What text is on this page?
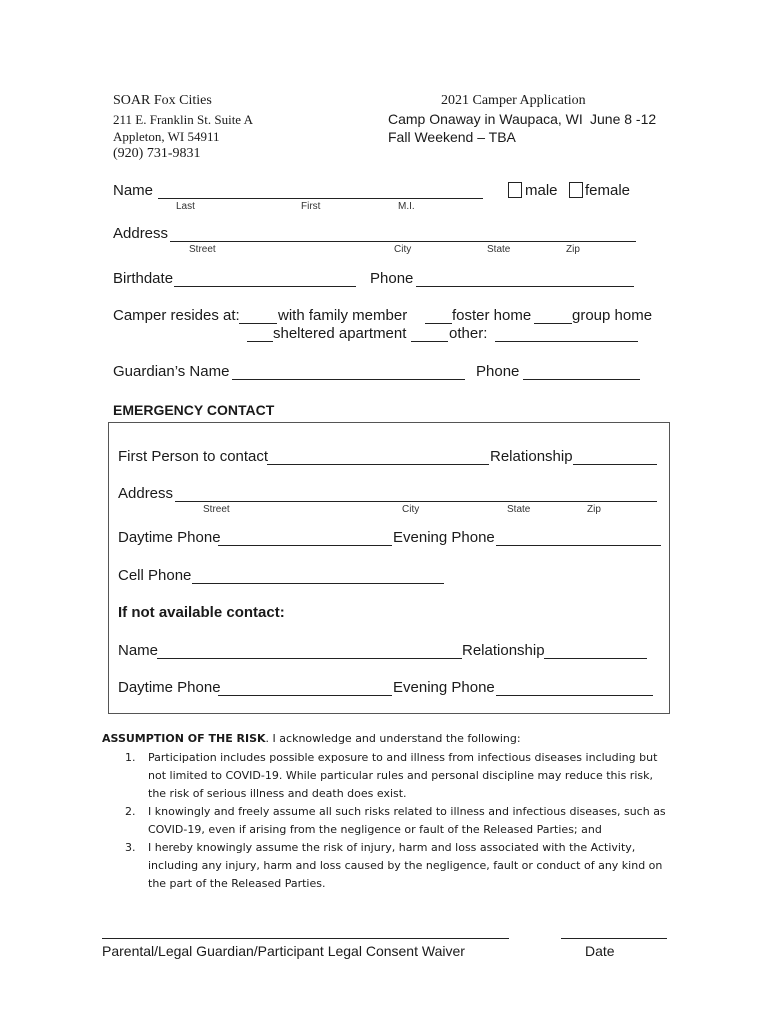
SOAR Fox Cities
211 E. Franklin St. Suite A
Appleton, WI 54911
(920) 731-9831
2021 Camper Application
Camp Onaway in Waupaca, WI June 8 -12
Fall Weekend – TBA
Name
Last	First	M.I.
male female
Address
Street	City	State	Zip
Birthdate	Phone
Camper resides at:	with family member	foster home	group home
sheltered apartment	other:
Guardian’s Name	Phone
EMERGENCY CONTACT
First Person to contact	Relationship
Address
Street	City	State	Zip
Daytime Phone	Evening Phone
Cell Phone
If not available contact:
Name	Relationship
Daytime Phone	Evening Phone
ASSUMPTION OF THE RISK. I acknowledge and understand the following:
1. Participation includes possible exposure to and illness from infectious diseases including but
not limited to COVID-19. While particular rules and personal discipline may reduce this risk,
the risk of serious illness and death does exist.
2. I knowingly and freely assume all such risks related to illness and infectious diseases, such as
COVID-19, even if arising from the negligence or fault of the Released Parties; and
3. I hereby knowingly assume the risk of injury, harm and loss associated with the Activity,
including any injury, harm and loss caused by the negligence, fault or conduct of any kind on
the part of the Released Parties.
Parental/Legal Guardian/Participant Legal Consent Waiver	Date
